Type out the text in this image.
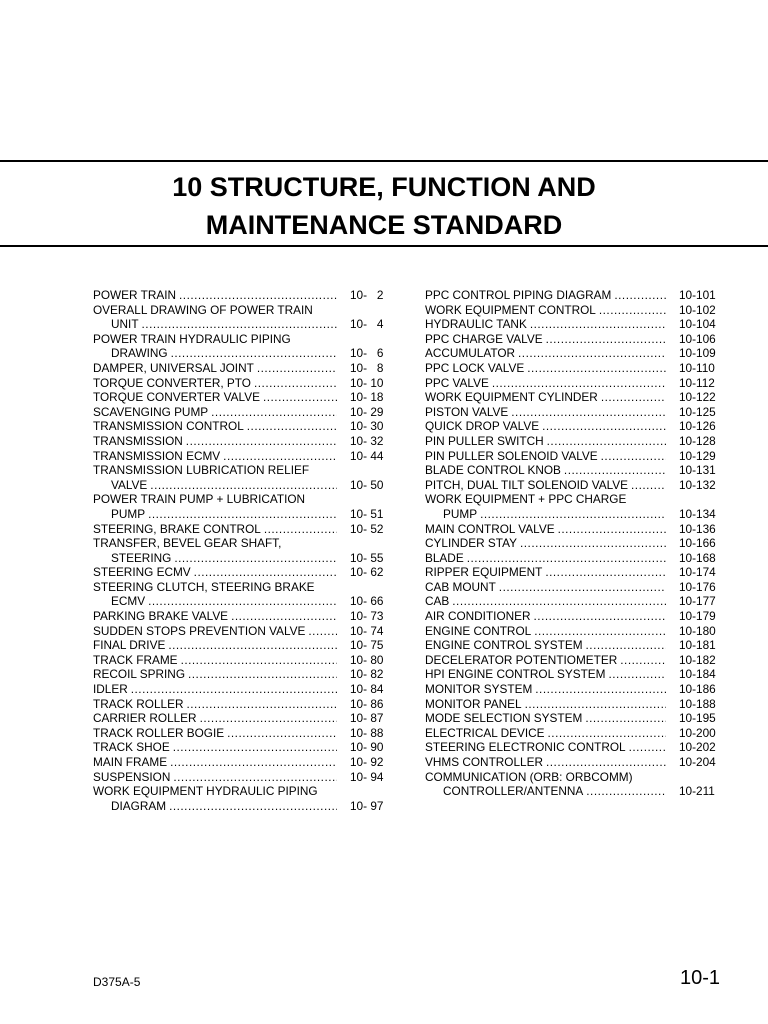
10 STRUCTURE, FUNCTION AND
MAINTENANCE STANDARD
POWER TRAIN .....	10-   2
OVERALL DRAWING OF POWER TRAIN
UNIT .....	10-   4
POWER TRAIN HYDRAULIC PIPING
DRAWING .....	10-   6
DAMPER, UNIVERSAL JOINT .....	10-   8
TORQUE CONVERTER, PTO .....	10- 10
TORQUE CONVERTER VALVE .....	10- 18
SCAVENGING PUMP .....	10- 29
TRANSMISSION CONTROL .....	10- 30
TRANSMISSION .....	10- 32
TRANSMISSION ECMV .....	10- 44
TRANSMISSION LUBRICATION RELIEF
VALVE .....	10- 50
POWER TRAIN PUMP + LUBRICATION
PUMP .....	10- 51
STEERING, BRAKE CONTROL .....	10- 52
TRANSFER, BEVEL GEAR SHAFT,
STEERING .....	10- 55
STEERING ECMV .....	10- 62
STEERING CLUTCH, STEERING BRAKE
ECMV .....	10- 66
PARKING BRAKE VALVE .....	10- 73
SUDDEN STOPS PREVENTION VALVE .....	10- 74
FINAL DRIVE .....	10- 75
TRACK FRAME .....	10- 80
RECOIL SPRING .....	10- 82
IDLER .....	10- 84
TRACK ROLLER .....	10- 86
CARRIER ROLLER .....	10- 87
TRACK ROLLER BOGIE .....	10- 88
TRACK SHOE .....	10- 90
MAIN FRAME .....	10- 92
SUSPENSION .....	10- 94
WORK EQUIPMENT HYDRAULIC PIPING
DIAGRAM .....	10- 97
PPC CONTROL PIPING DIAGRAM .....	10-101
WORK EQUIPMENT CONTROL .....	10-102
HYDRAULIC TANK .....	10-104
PPC CHARGE VALVE .....	10-106
ACCUMULATOR .....	10-109
PPC LOCK VALVE .....	10-110
PPC VALVE .....	10-112
WORK EQUIPMENT CYLINDER .....	10-122
PISTON VALVE .....	10-125
QUICK DROP VALVE .....	10-126
PIN PULLER SWITCH .....	10-128
PIN PULLER SOLENOID VALVE .....	10-129
BLADE CONTROL KNOB .....	10-131
PITCH, DUAL TILT SOLENOID VALVE .....	10-132
WORK EQUIPMENT + PPC CHARGE
PUMP .....	10-134
MAIN CONTROL VALVE .....	10-136
CYLINDER STAY .....	10-166
BLADE .....	10-168
RIPPER EQUIPMENT .....	10-174
CAB MOUNT .....	10-176
CAB .....	10-177
AIR CONDITIONER .....	10-179
ENGINE CONTROL .....	10-180
ENGINE CONTROL SYSTEM .....	10-181
DECELERATOR POTENTIOMETER .....	10-182
HPI ENGINE CONTROL SYSTEM .....	10-184
MONITOR SYSTEM .....	10-186
MONITOR PANEL .....	10-188
MODE SELECTION SYSTEM .....	10-195
ELECTRICAL DEVICE .....	10-200
STEERING ELECTRONIC CONTROL .....	10-202
VHMS CONTROLLER .....	10-204
COMMUNICATION (ORB: ORBCOMM)
CONTROLLER/ANTENNA .....	10-211
D375A-5	10-1
